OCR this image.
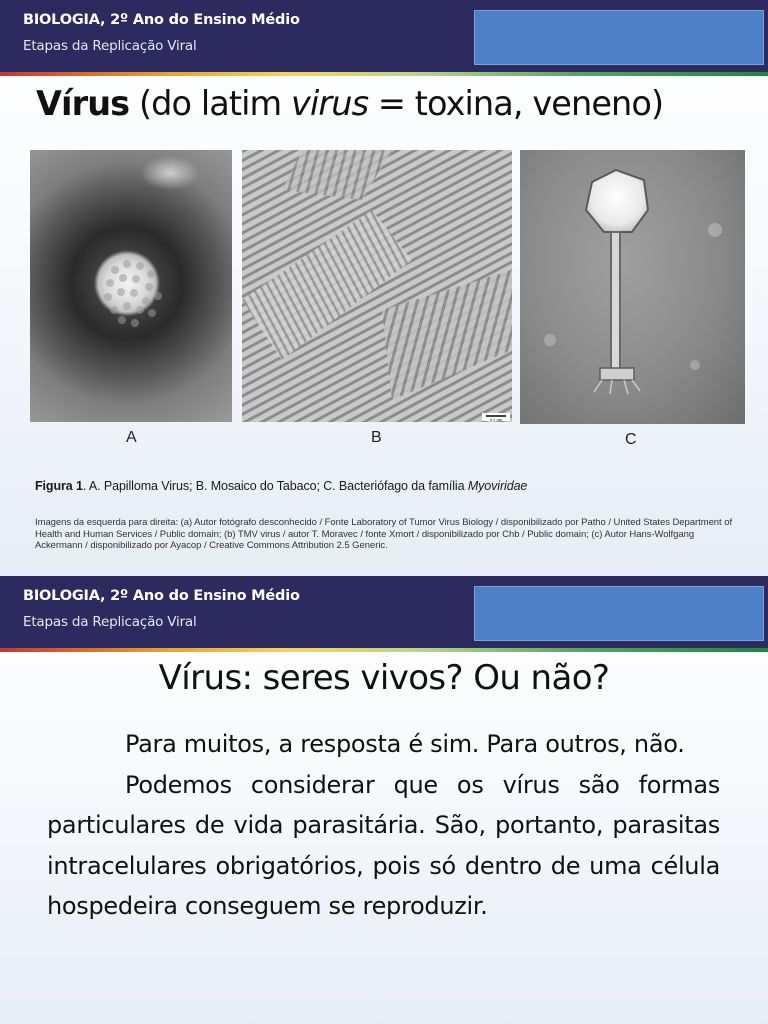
BIOLOGIA, 2º Ano do Ensino Médio
Etapas da Replicação Viral
Vírus (do latim virus = toxina, veneno)
0.1 µm
A	B	C
Figura 1. A. Papilloma Virus; B. Mosaico do Tabaco; C. Bacteriófago da família Myoviridae
Imagens da esquerda para direita: (a) Autor fotógrafo desconhecido / Fonte Laboratory of Tumor Virus Biology / disponibilizado por Patho / United States Department of Health and Human Services / Public domain; (b) TMV virus / autor T. Moravec / fonte Xmort / disponibilizado por Chb / Public domain; (c) Autor Hans-Wolfgang Ackermann / disponibilizado por Ayacop / Creative Commons Attribution 2.5 Generic.
BIOLOGIA, 2º Ano do Ensino Médio
Etapas da Replicação Viral
Vírus: seres vivos? Ou não?

Para muitos, a resposta é sim. Para outros, não.

Podemos considerar que os vírus são formas particulares de vida parasitária. São, portanto, parasitas intracelulares obrigatórios, pois só dentro de uma célula hospedeira conseguem se reproduzir.
